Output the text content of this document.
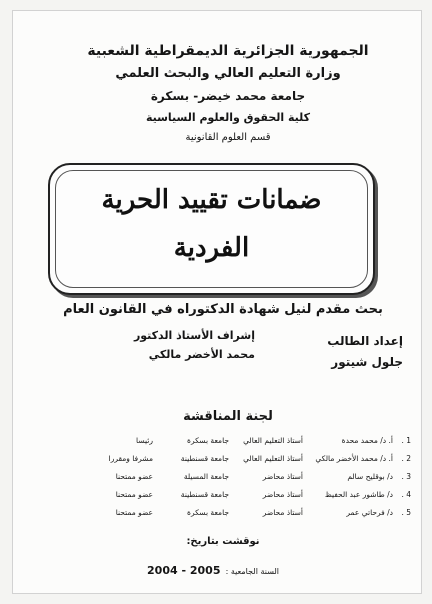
الجمهورية الجزائرية الديمقراطية الشعبية
وزارة التعليم العالي والبحث العلمي
جامعة محمد خيضر- بسكرة
كلية الحقوق والعلوم السياسية
قسم العلوم القانونية
ضمانات تقييد الحرية
الفردية
بحث مقدم لنيل شهادة الدكتوراه في القانون العام
إعداد الطالب
جلول شيتور
إشراف الأستاذ الدكتور
محمد الأخضر مالكي
لجنة المناقشة
1 .
أ. د/ محمد محدة
أستاذ التعليم العالي
جامعة بسكرة
رئيسا
2 .
أ. د/ محمد الأخضر مالكي
أستاذ التعليم العالي
جامعة قسنطينة
مشرفا ومقررا
3 .
د/ بوقليح سالم
أستاذ محاضر
جامعة المسيلة
عضو ممتحنا
4 .
د/ طاشور عبد الحفيظ
أستاذ محاضر
جامعة قسنطينة
عضو ممتحنا
5 .
د/ فرحاتي عمر
أستاذ محاضر
جامعة بسكرة
عضو ممتحنا
نوقشت بتاريخ:
السنة الجامعية : 2005 - 2004
